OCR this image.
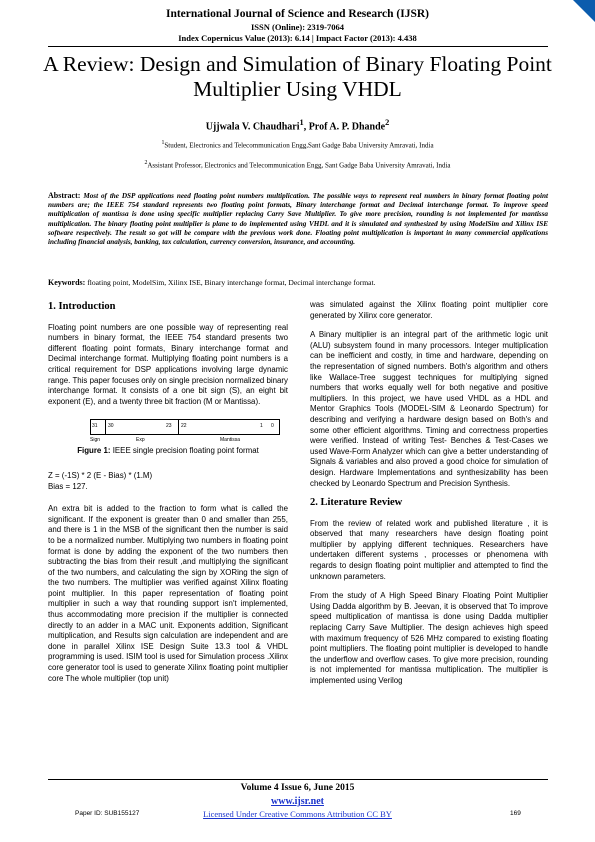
International Journal of Science and Research (IJSR)
ISSN (Online): 2319-7064
Index Copernicus Value (2013): 6.14 | Impact Factor (2013): 4.438
A Review: Design and Simulation of Binary Floating Point Multiplier Using VHDL
Ujjwala V. Chaudhari$^1$, Prof A. P. Dhande$^2$
$^1$Student, Electronics and Telecommunication Engg,Sant Gadge Baba University Amravati, India
$^2$Assistant Professor, Electronics and Telecommunication Engg, Sant Gadge Baba University Amravati, India
Abstract: Most of the DSP applications need floating point numbers multiplication. The possible ways to represent real numbers in binary format floating point numbers are; the IEEE 754 standard represents two floating point formats, Binary interchange format and Decimal interchange format. To improve speed multiplication of mantissa is done using specific multiplier replacing Carry Save Multiplier. To give more precision, rounding is not implemented for mantissa multiplication. The binary floating point multiplier is plane to do implemented using VHDL and it is simulated and synthesized by using ModelSim and Xilinx ISE software respectively. The result so got will be compare with the previous work done. Floating point multiplication is important in many commercial applications including financial analysis, banking, tax calculation, currency conversion, insurance, and accounting.
Keywords: floating point, ModelSim, Xilinx ISE, Binary interchange format, Decimal interchange format.
1. Introduction

Floating point numbers are one possible way of representing real numbers in binary format, the IEEE 754 standard presents two different floating point formats, Binary interchange format and Decimal interchange format. Multiplying floating point numbers is a critical requirement for DSP applications involving large dynamic range. This paper focuses only on single precision normalized binary interchange format. It consists of a one bit sign (S), an eight bit exponent (E), and a twenty three bit fraction (M or Mantissa).

31 30	23 22	1 0
Sign	Exp	Mantissa
Figure 1: IEEE single precision floating point format
Z = (-1S) * 2 (E - Bias) * (1.M)
Bias = 127.

An extra bit is added to the fraction to form what is called the significant. If the exponent is greater than 0 and smaller than 255, and there is 1 in the MSB of the significant then the number is said to be a normalized number. Multiplying two numbers in floating point format is done by adding the exponent of the two numbers then subtracting the bias from their result ,and multiplying the significant of the two numbers, and calculating the sign by XORing the sign of the two numbers. The multiplier was verified against Xilinx floating point multiplier. In this paper representation of floating point multiplier in such a way that rounding support isn't implemented, thus accommodating more precision if the multiplier is connected directly to an adder in a MAC unit. Exponents addition, Significant multiplication, and Results sign calculation are independent and are done in parallel Xilinx ISE Design Suite 13.3 tool & VHDL programming is used. ISIM tool is used for Simulation process .Xilinx core generator tool is used to generate Xilinx floating point multiplier core The whole multiplier (top unit)

was simulated against the Xilinx floating point multiplier core generated by Xilinx core generator.

A Binary multiplier is an integral part of the arithmetic logic unit (ALU) subsystem found in many processors. Integer multiplication can be inefficient and costly, in time and hardware, depending on the representation of signed numbers. Both's algorithm and others like Wallace-Tree suggest techniques for multiplying signed numbers that works equally well for both negative and positive multipliers. In this project, we have used VHDL as a HDL and Mentor Graphics Tools (MODEL-SIM & Leonardo Spectrum) for describing and verifying a hardware design based on Both's and some other efficient algorithms. Timing and correctness properties were verified. Instead of writing Test- Benches & Test-Cases we used Wave-Form Analyzer which can give a better understanding of Signals & variables and also proved a good choice for simulation of design. Hardware Implementations and synthesizability has been checked by Leonardo Spectrum and Precision Synthesis.

2. Literature Review

From the review of related work and published literature , it is observed that many researchers have design floating point multiplier by applying different techniques. Researchers have undertaken different systems , processes or phenomena with regards to design floating point multiplier and attempted to find the unknown parameters.

From the study of A High Speed Binary Floating Point Multiplier Using Dadda algorithm by B. Jeevan, it is observed that To improve speed multiplication of mantissa is done using Dadda multiplier replacing Carry Save Multiplier. The design achieves high speed with maximum frequency of 526 MHz compared to existing floating point multipliers. The floating point multiplier is developed to handle the underflow and overflow cases. To give more precision, rounding is not implemented for mantissa multiplication. The multiplier is implemented using Verilog

Volume 4 Issue 6, June 2015
www.ijsr.net
Licensed Under Creative Commons Attribution CC BY
Paper ID: SUB155127	169
